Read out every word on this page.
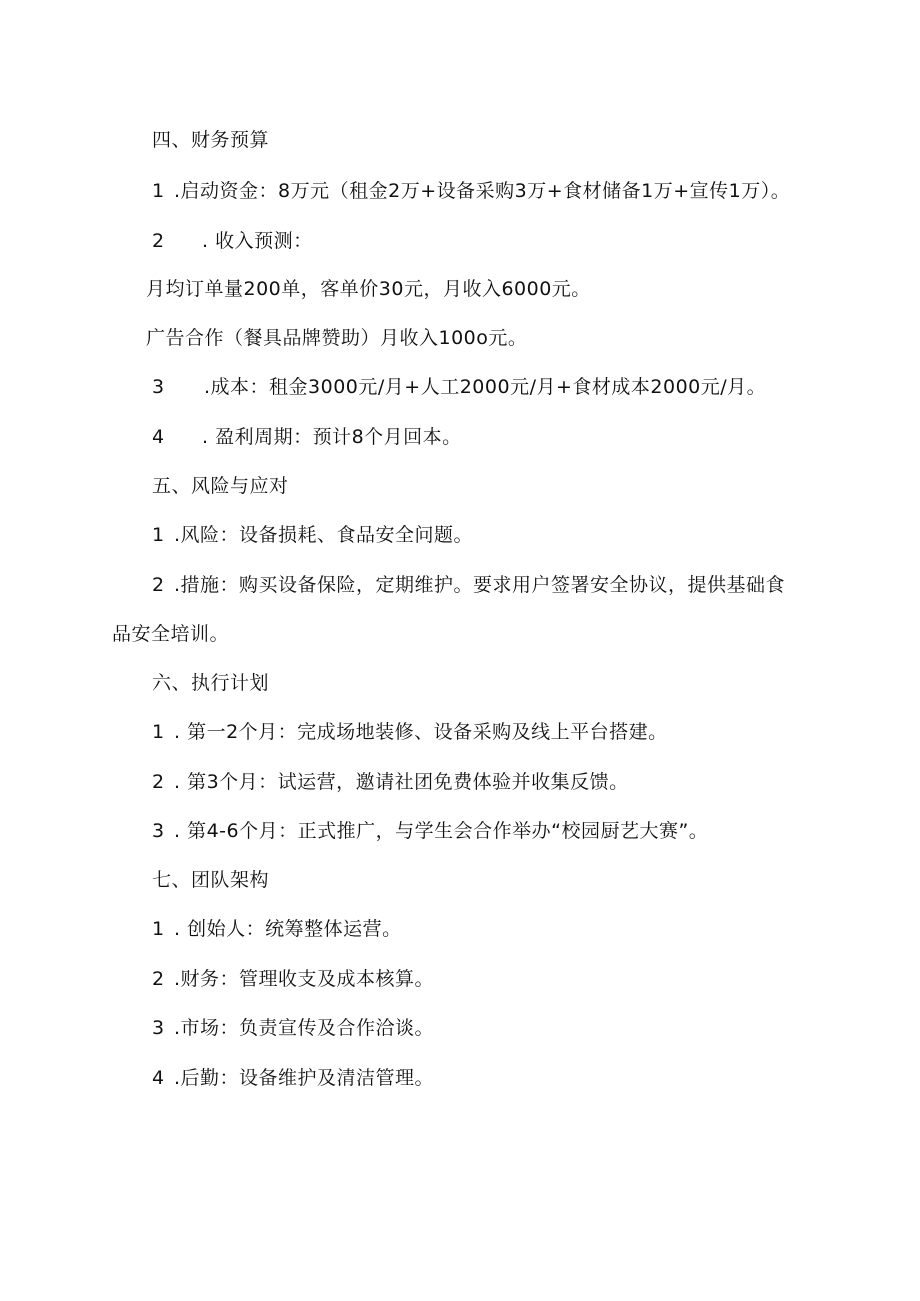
四、财务预算
1 .启动资金：8万元（租金2万+设备采购3万+食材储备1万+宣传1万）。
2 . 收入预测：
月均订单量200单，客单价30元，月收入6000元。
广告合作（餐具品牌赞助）月收入100o元。
3 .成本：租金3000元/月+人工2000元/月+食材成本2000元/月。
4 . 盈利周期：预计8个月回本。
五、风险与应对
1 .风险：设备损耗、食品安全问题。
2 .措施：购买设备保险，定期维护。要求用户签署安全协议，提供基础食
品安全培训。
六、执行计划
1 . 第一2个月：完成场地装修、设备采购及线上平台搭建。
2 . 第3个月：试运营，邀请社团免费体验并收集反馈。
3 . 第4-6个月：正式推广，与学生会合作举办“校园厨艺大赛”。
七、团队架构
1 . 创始人：统筹整体运营。
2 .财务：管理收支及成本核算。
3 .市场：负责宣传及合作洽谈。
4 .后勤：设备维护及清洁管理。
